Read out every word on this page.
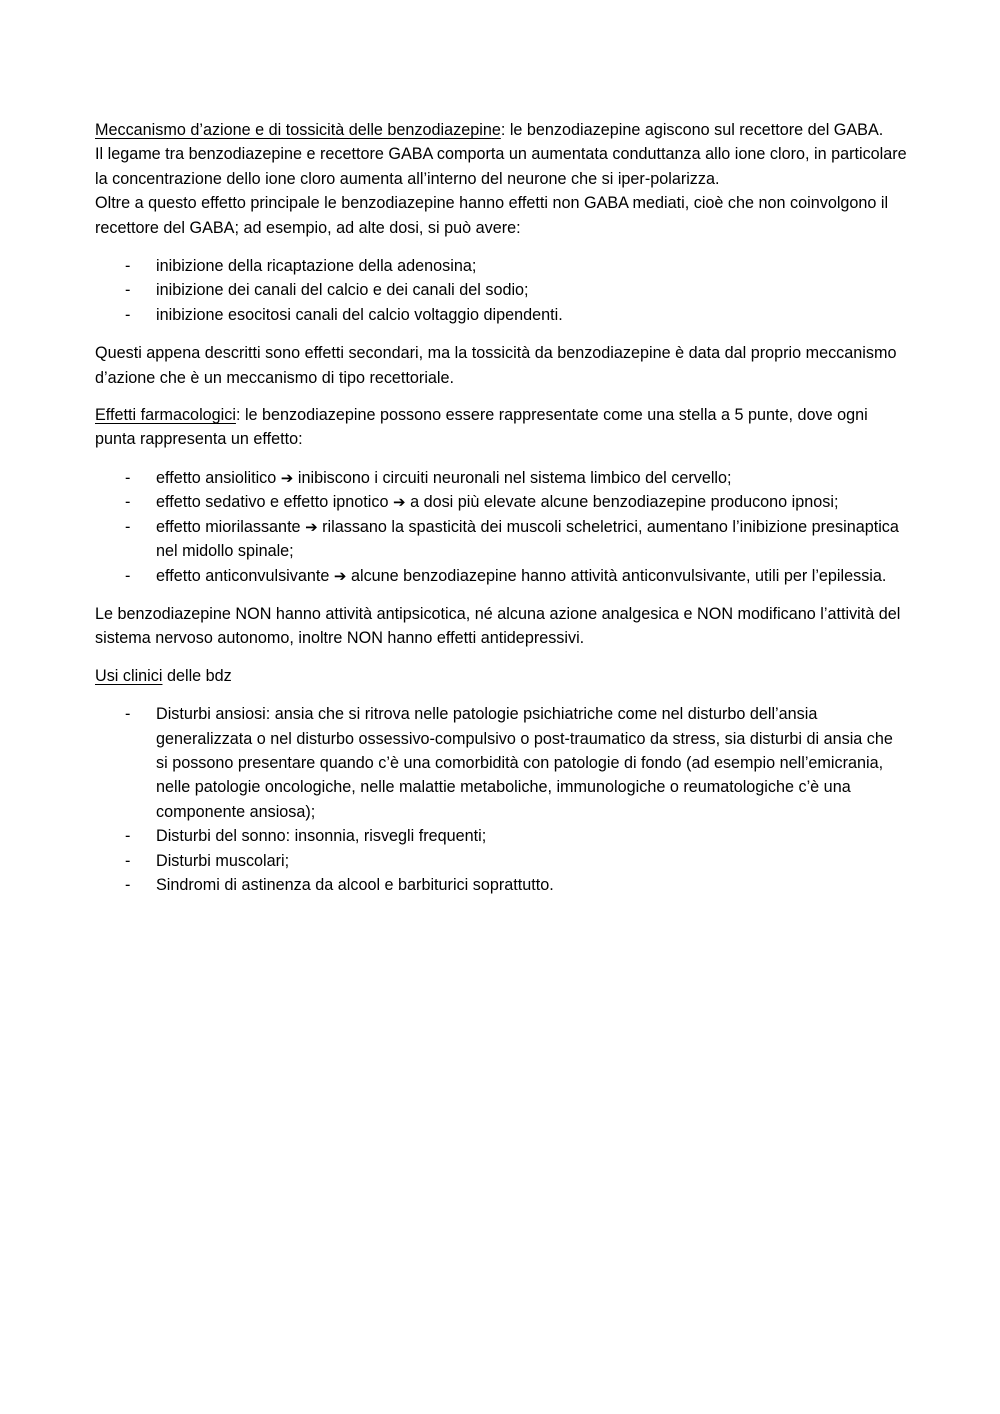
Meccanismo d’azione e di tossicità delle benzodiazepine: le benzodiazepine agiscono sul recettore del GABA.

Il legame tra benzodiazepine e recettore GABA comporta un aumentata conduttanza allo ione cloro, in particolare la concentrazione dello ione cloro aumenta all’interno del neurone che si iper-polarizza.

Oltre a questo effetto principale le benzodiazepine hanno effetti non GABA mediati, cioè che non coinvolgono il recettore del GABA; ad esempio, ad alte dosi, si può avere:

- inibizione della ricaptazione della adenosina;
- inibizione dei canali del calcio e dei canali del sodio;
- inibizione esocitosi canali del calcio voltaggio dipendenti.

Questi appena descritti sono effetti secondari, ma la tossicità da benzodiazepine è data dal proprio meccanismo d’azione che è un meccanismo di tipo recettoriale.

Effetti farmacologici: le benzodiazepine possono essere rappresentate come una stella a 5 punte, dove ogni punta rappresenta un effetto:

- effetto ansiolitico ➔ inibiscono i circuiti neuronali nel sistema limbico del cervello;
- effetto sedativo e effetto ipnotico ➔ a dosi più elevate alcune benzodiazepine producono ipnosi;
- effetto miorilassante ➔ rilassano la spasticità dei muscoli scheletrici, aumentano l’inibizione presinaptica nel midollo spinale;
- effetto anticonvulsivante ➔ alcune benzodiazepine hanno attività anticonvulsivante, utili per l’epilessia.

Le benzodiazepine NON hanno attività antipsicotica, né alcuna azione analgesica e NON modificano l’attività del sistema nervoso autonomo, inoltre NON hanno effetti antidepressivi.

Usi clinici delle bdz

- Disturbi ansiosi: ansia che si ritrova nelle patologie psichiatriche come nel disturbo dell’ansia generalizzata o nel disturbo ossessivo-compulsivo o post-traumatico da stress, sia disturbi di ansia che si possono presentare quando c’è una comorbidità con patologie di fondo (ad esempio nell’emicrania, nelle patologie oncologiche, nelle malattie metaboliche, immunologiche o reumatologiche c’è una componente ansiosa);
- Disturbi del sonno: insonnia, risvegli frequenti;
- Disturbi muscolari;
- Sindromi di astinenza da alcool e barbiturici soprattutto.
